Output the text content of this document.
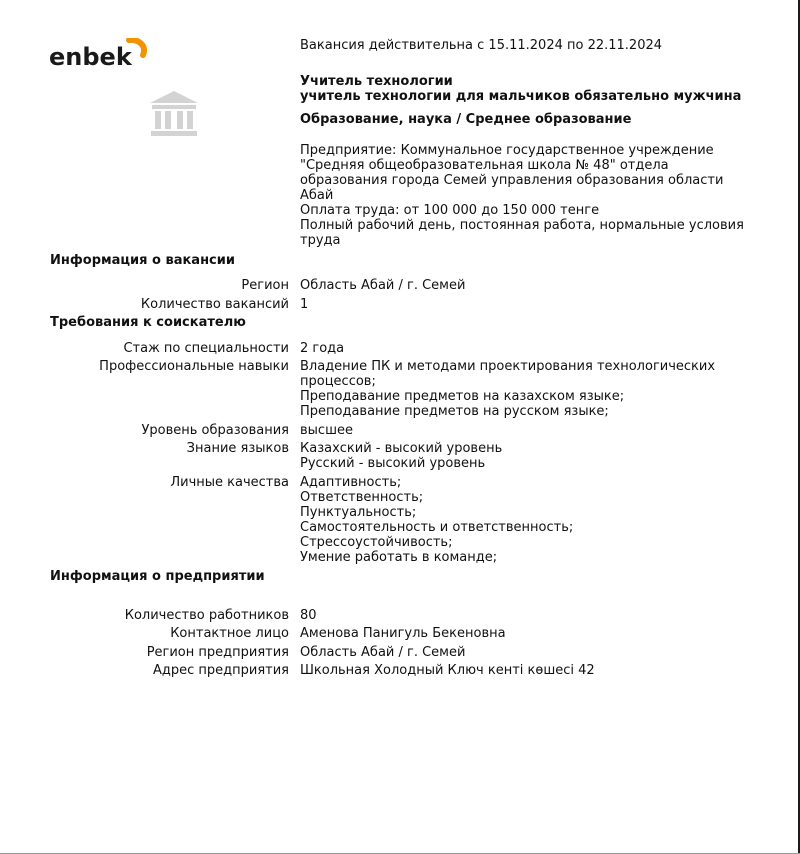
enbek	Вакансия действительна с 15.11.2024 по 22.11.2024
Учитель технологии
учитель технологии для мальчиков обязательно мужчина
Образование, наука / Среднее образование
Предприятие: Коммунальное государственное учреждение
"Средняя общеобразовательная школа № 48" отдела
образования города Семей управления образования области
Абай
Оплата труда: от 100 000 до 150 000 тенге
Полный рабочий день, постоянная работа, нормальные условия
труда
Информация о вакансии
Регион Область Абай / г. Семей
Количество вакансий 1
Требования к соискателю
Стаж по специальности 2 года
Профессиональные навыки Владение ПК и методами проектирования технологических
процессов;
Преподавание предметов на казахском языке;
Преподавание предметов на русском языке;
Уровень образования высшее
Знание языков Казахский - высокий уровень
Русский - высокий уровень
Личные качества Адаптивность;
Ответственность;
Пунктуальность;
Самостоятельность и ответственность;
Стрессоустойчивость;
Умение работать в команде;
Информация о предприятии
Количество работников 80
Контактное лицо Аменова Панигуль Бекеновна
Регион предприятия Область Абай / г. Семей
Адрес предприятия Школьная Холодный Ключ кенті көшесі 42
